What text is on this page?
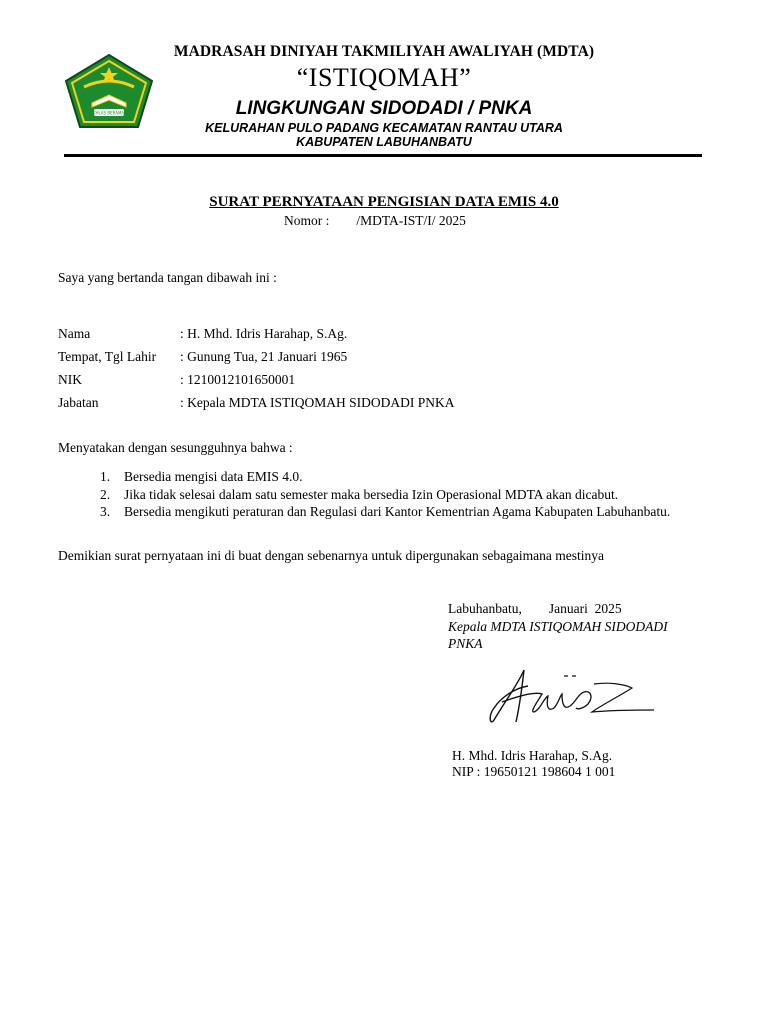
IKHLAS BERAMAL
MADRASAH DINIYAH TAKMILIYAH AWALIYAH (MDTA)
“ISTIQOMAH”
LINGKUNGAN SIDODADI / PNKA
KELURAHAN PULO PADANG KECAMATAN RANTAU UTARA
KABUPATEN LABUHANBATU
SURAT PERNYATAAN PENGISIAN DATA EMIS 4.0
Nomor : /MDTA-IST/I/ 2025
Saya yang bertanda tangan dibawah ini :
Nama	: H. Mhd. Idris Harahap, S.Ag.
Tempat, Tgl Lahir : Gunung Tua, 21 Januari 1965
NIK	: 1210012101650001
Jabatan	: Kepala MDTA ISTIQOMAH SIDODADI PNKA
Menyatakan dengan sesungguhnya bahwa :
1. Bersedia mengisi data EMIS 4.0.
2. Jika tidak selesai dalam satu semester maka bersedia Izin Operasional MDTA akan dicabut.
3. Bersedia mengikuti peraturan dan Regulasi dari Kantor Kementrian Agama Kabupaten Labuhanbatu.
Demikian surat pernyataan ini di buat dengan sebenarnya untuk dipergunakan sebagaimana mestinya
Labuhanbatu,        Januari  2025
Kepala MDTA ISTIQOMAH SIDODADI
PNKA
H. Mhd. Idris Harahap, S.Ag.
NIP : 19650121 198604 1 001
